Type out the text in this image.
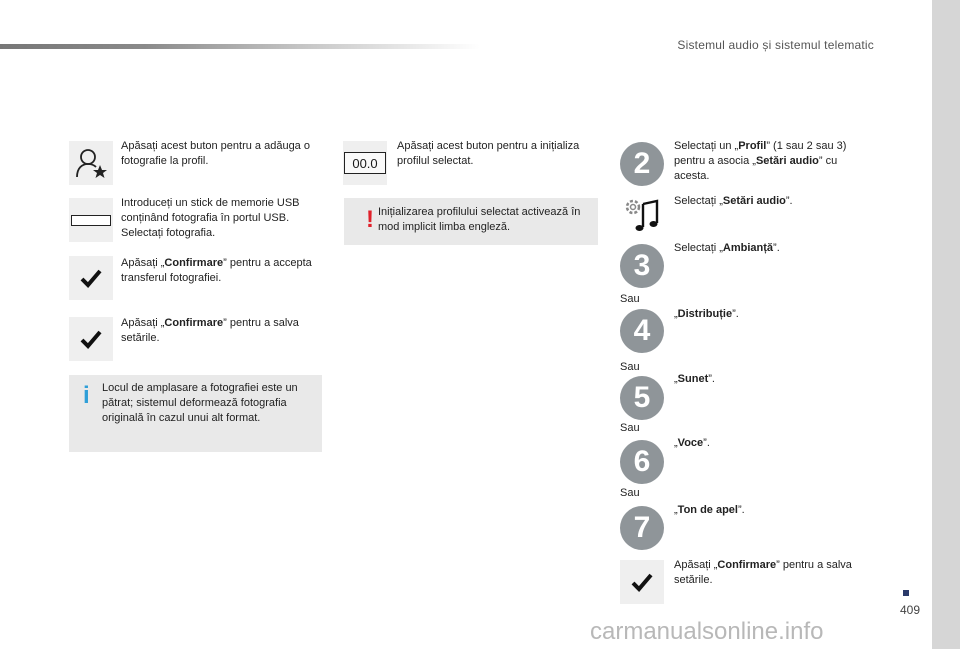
Sistemul audio și sistemul telematic
Apăsați acest buton pentru a adăuga o fotografie la profil.
Introduceți un stick de memorie USB conținând fotografia în portul USB. Selectați fotografia.
Apăsați „Confirmare” pentru a accepta transferul fotografiei.
Apăsați „Confirmare” pentru a salva setările.
i Locul de amplasare a fotografiei este un pătrat; sistemul deformează fotografia originală în cazul unui alt format.
00.0
Apăsați acest buton pentru a inițializa profilul selectat.
! Inițializarea profilului selectat activează în mod implicit limba engleză.
2
Selectați un „Profil” (1 sau 2 sau 3) pentru a asocia „Setări audio” cu acesta.
Selectați „Setări audio”.
3
Selectați „Ambianță”.
Sau
4	„Distribuție”.
Sau
5
„Sunet”.
Sau
6
„Voce”.
Sau
7
„Ton de apel”.
Apăsați „Confirmare” pentru a salva setările.
409
carmanualsonline.info
